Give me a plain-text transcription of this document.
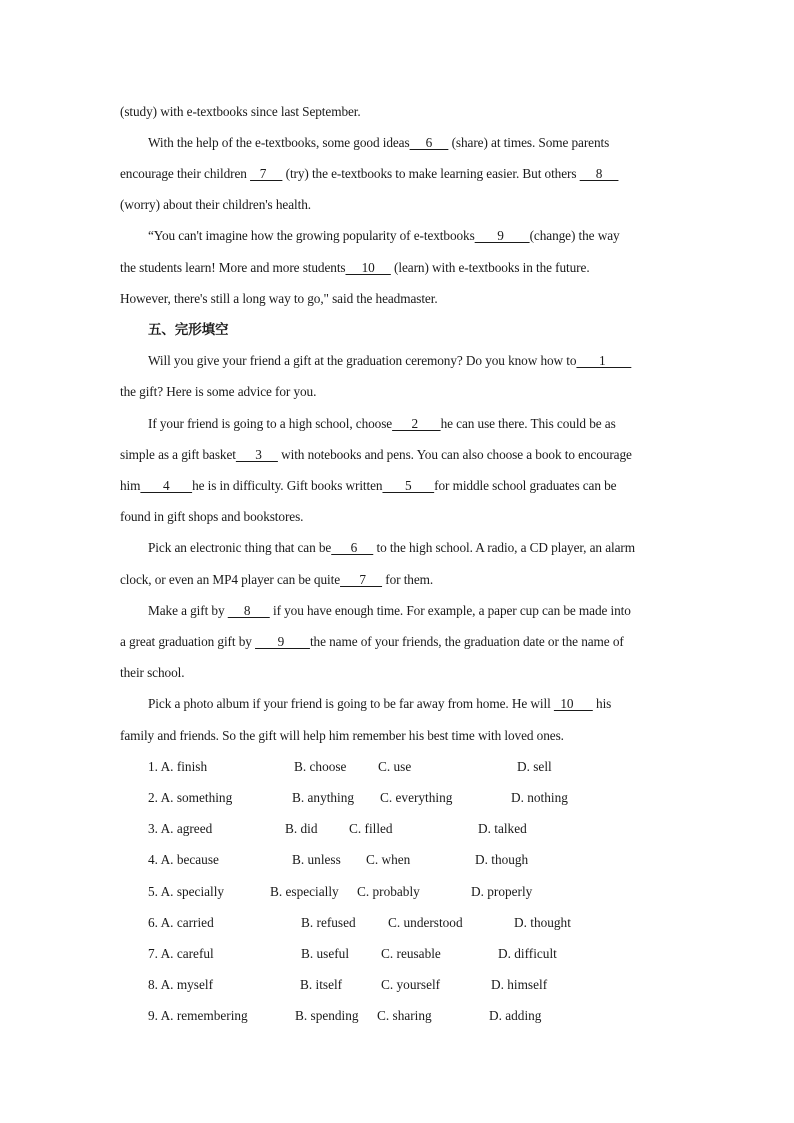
(study) with e-textbooks since last September.
With the help of the e-textbooks, some good ideas     6      (share) at times. Some parents
encourage their children    7      (try) the e-textbooks to make learning easier. But others      8
(worry) about their children's health.
“You can't imagine how the growing popularity of e-textbooks       9        (change) the way
the students learn! More and more students     10      (learn) with e-textbooks in the future.
However, there's still a long way to go," said the headmaster.
五、完形填空
Will you give your friend a gift at the graduation ceremony? Do you know how to       1
the gift? Here is some advice for you.
If your friend is going to a high school, choose      2       he can use there. This could be as
simple as a gift basket      3      with notebooks and pens. You can also choose a book to encourage
him       4       he is in difficulty. Gift books written       5       for middle school graduates can be
found in gift shops and bookstores.
Pick an electronic thing that can be      6      to the high school. A radio, a CD player, an alarm
clock, or even an MP4 player can be quite      7      for them.
Make a gift by      8       if you have enough time. For example, a paper cup can be made into
a great graduation gift by        9        the name of your friends, the graduation date or the name of
their school.
Pick a photo album if your friend is going to be far away from home. He will   10       his
family and friends. So the gift will help him remember his best time with loved ones.
1. A. finish	B. choose C. use	D. sell
2. A. something	B. anything C. everything	D. nothing
3. A. agreed	B. did C. filled	D. talked
4. A. because	B. unless C. when	D. though
5. A. specially	B. especially C. probably	D. properly
6. A. carried	B. refused C. understood	D. thought
7. A. careful	B. useful C. reusable	D. difficult
8. A. myself	B. itself	C. yourself	D. himself
9. A. remembering	B. spending C. sharing	D. adding
